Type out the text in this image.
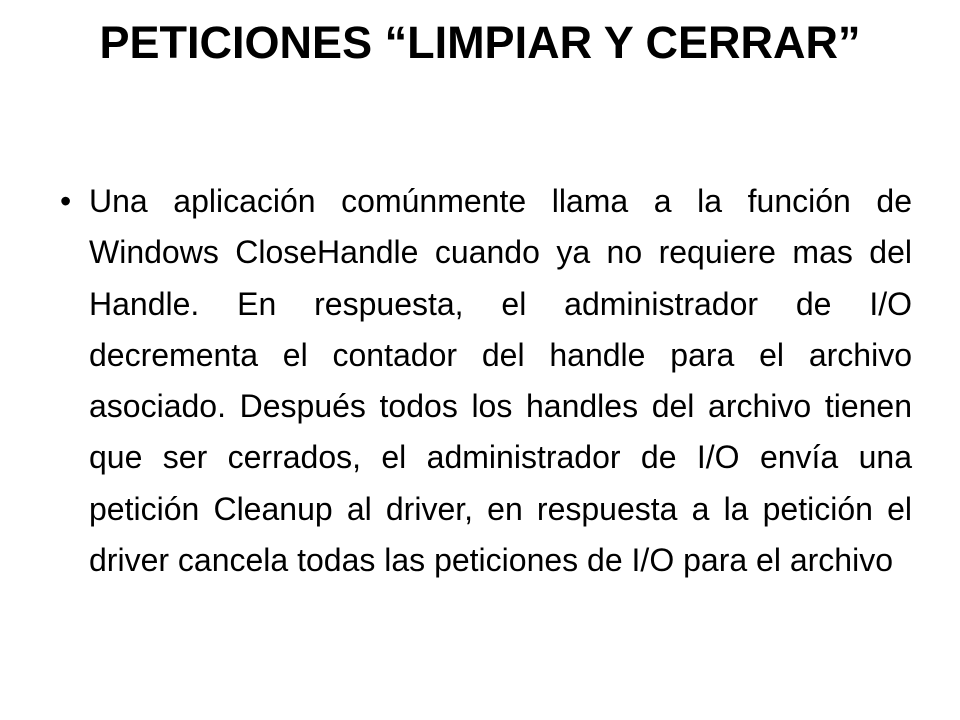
PETICIONES “LIMPIAR Y CERRAR”
• Una aplicación comúnmente llama a la función de Windows CloseHandle cuando ya no requiere mas del Handle. En respuesta, el administrador de I/O decrementa el contador del handle para el archivo asociado. Después todos los handles del archivo tienen que ser cerrados, el administrador de I/O envía una petición Cleanup al driver, en respuesta a la petición el driver cancela todas las peticiones de I/O para el archivo
